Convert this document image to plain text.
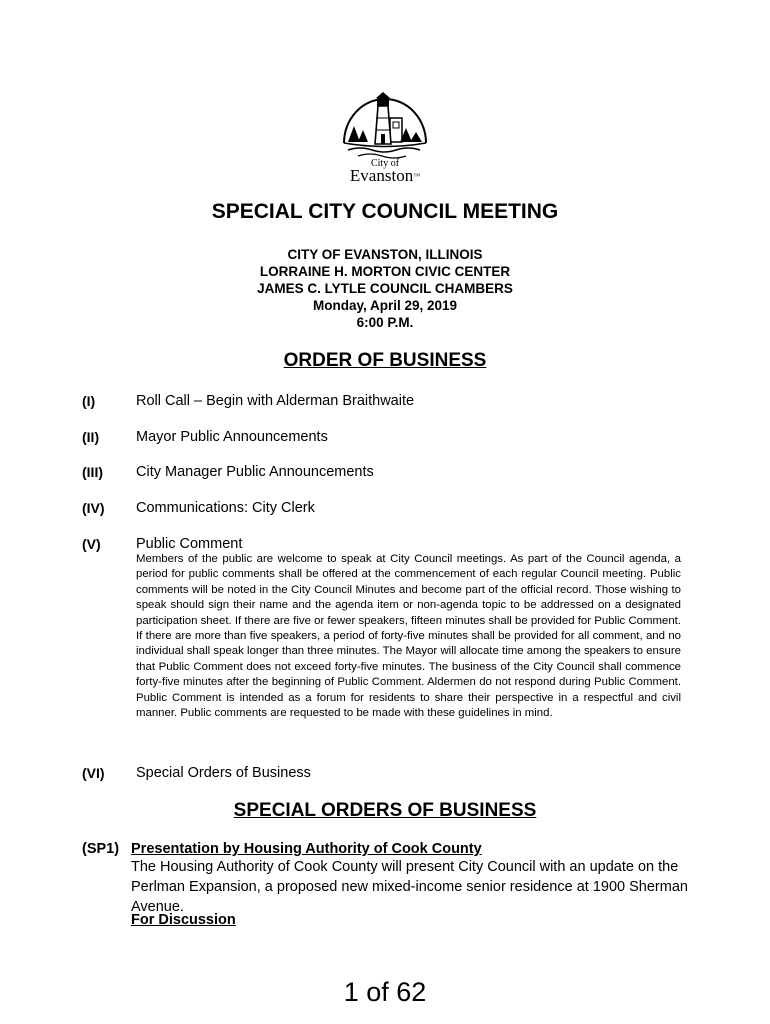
City of
Evanston™
SPECIAL CITY COUNCIL MEETING
CITY OF EVANSTON, ILLINOIS
LORRAINE H. MORTON CIVIC CENTER
JAMES C. LYTLE COUNCIL CHAMBERS
Monday, April 29, 2019
6:00 P.M.
ORDER OF BUSINESS
(I)	Roll Call – Begin with Alderman Braithwaite
(II)	Mayor Public Announcements
(III) City Manager Public Announcements
(IV) Communications: City Clerk
(V) Public Comment
Members of the public are welcome to speak at City Council meetings. As part of the Council agenda, a period for public comments shall be offered at the commencement of each regular Council meeting. Public comments will be noted in the City Council Minutes and become part of the official record. Those wishing to speak should sign their name and the agenda item or non-agenda topic to be addressed on a designated participation sheet. If there are five or fewer speakers, fifteen minutes shall be provided for Public Comment. If there are more than five speakers, a period of forty-five minutes shall be provided for all comment, and no individual shall speak longer than three minutes. The Mayor will allocate time among the speakers to ensure that Public Comment does not exceed forty-five minutes. The business of the City Council shall commence forty-five minutes after the beginning of Public Comment. Aldermen do not respond during Public Comment. Public Comment is intended as a forum for residents to share their perspective in a respectful and civil manner. Public comments are requested to be made with these guidelines in mind.
(VI) Special Orders of Business
SPECIAL ORDERS OF BUSINESS
(SP1) Presentation by Housing Authority of Cook County
The Housing Authority of Cook County will present City Council with an update on the Perlman Expansion, a proposed new mixed-income senior residence at 1900 Sherman Avenue.
For Discussion
1 of 62
